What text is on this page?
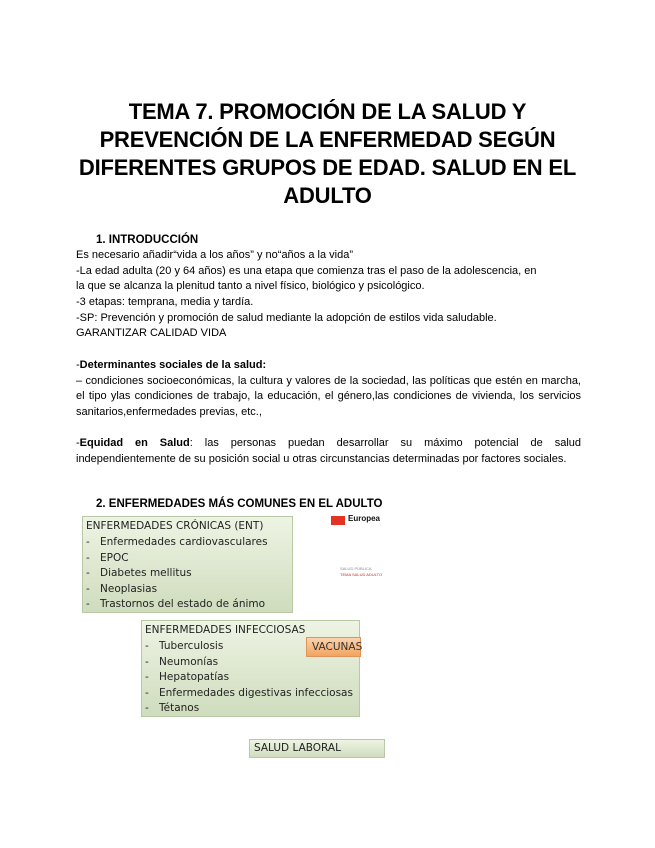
TEMA 7. PROMOCIÓN DE LA SALUD Y
PREVENCIÓN DE LA ENFERMEDAD SEGÚN
DIFERENTES GRUPOS DE EDAD. SALUD EN EL
ADULTO
1. INTRODUCCIÓN
Es necesario añadir“vida a los años” y no“años a la vida”
-La edad adulta (20 y 64 años) es una etapa que comienza tras el paso de la adolescencia, en
la que se alcanza la plenitud tanto a nivel físico, biológico y psicológico.
-3 etapas: temprana, media y tardía.
-SP: Prevención y promoción de salud mediante la adopción de estilos vida saludable.
GARANTIZAR CALIDAD VIDA
-Determinantes sociales de la salud:
– condiciones socioeconómicas, la cultura y valores de la sociedad, las políticas que estén en marcha, el tipo ylas condiciones de trabajo, la educación, el género,las condiciones de vivienda, los servicios sanitarios,enfermedades previas, etc.,
-Equidad en Salud: las personas puedan desarrollar su máximo potencial de salud independientemente de su posición social u otras circunstancias determinadas por factores sociales.
2. ENFERMEDADES MÁS COMUNES EN EL ADULTO
ENFERMEDADES CRÓNICAS (ENT)
- Enfermedades cardiovasculares
- EPOC
- Diabetes mellitus
- Neoplasias
- Trastornos del estado de ánimo
Europea
SALUD PÚBLICA
TEMA SALUD ADULTO
ENFERMEDADES INFECCIOSAS
- Tuberculosis
- Neumonías
- Hepatopatías
- Enfermedades digestivas infecciosas
- Tétanos
VACUNAS
SALUD LABORAL
